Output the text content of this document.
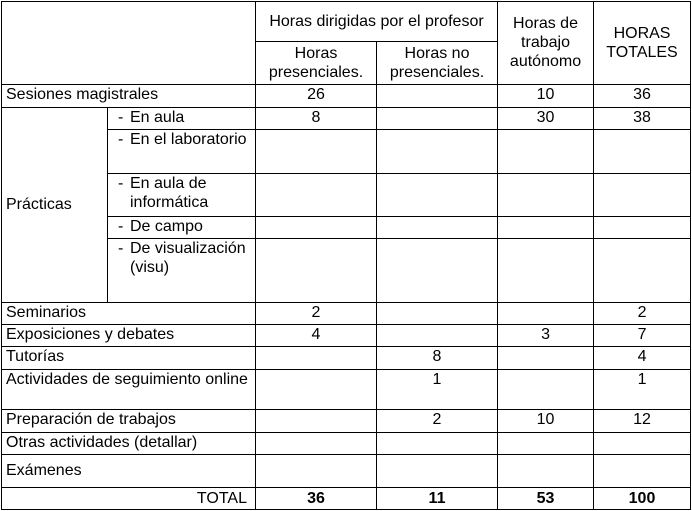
		Horas dirigidas por el profesor		Horas de trabajo autónomo	HORAS TOTALES
		Horas presenciales.	Horas no presenciales.		
Sesiones magistrales		26		10	36
Prácticas	- En aula	8		30	38

	- En el laboratorio				

	- En aula de informática				

	- De campo				

	- De visualización (visu)				

Seminarios		2			2
Exposiciones y debates		4		3	7
Tutorías			8		4
Actividades de seguimiento online			1		1
Preparación de trabajos			2	10	12
Otras actividades (detallar)					
Exámenes					
TOTAL		36	11	53	100
